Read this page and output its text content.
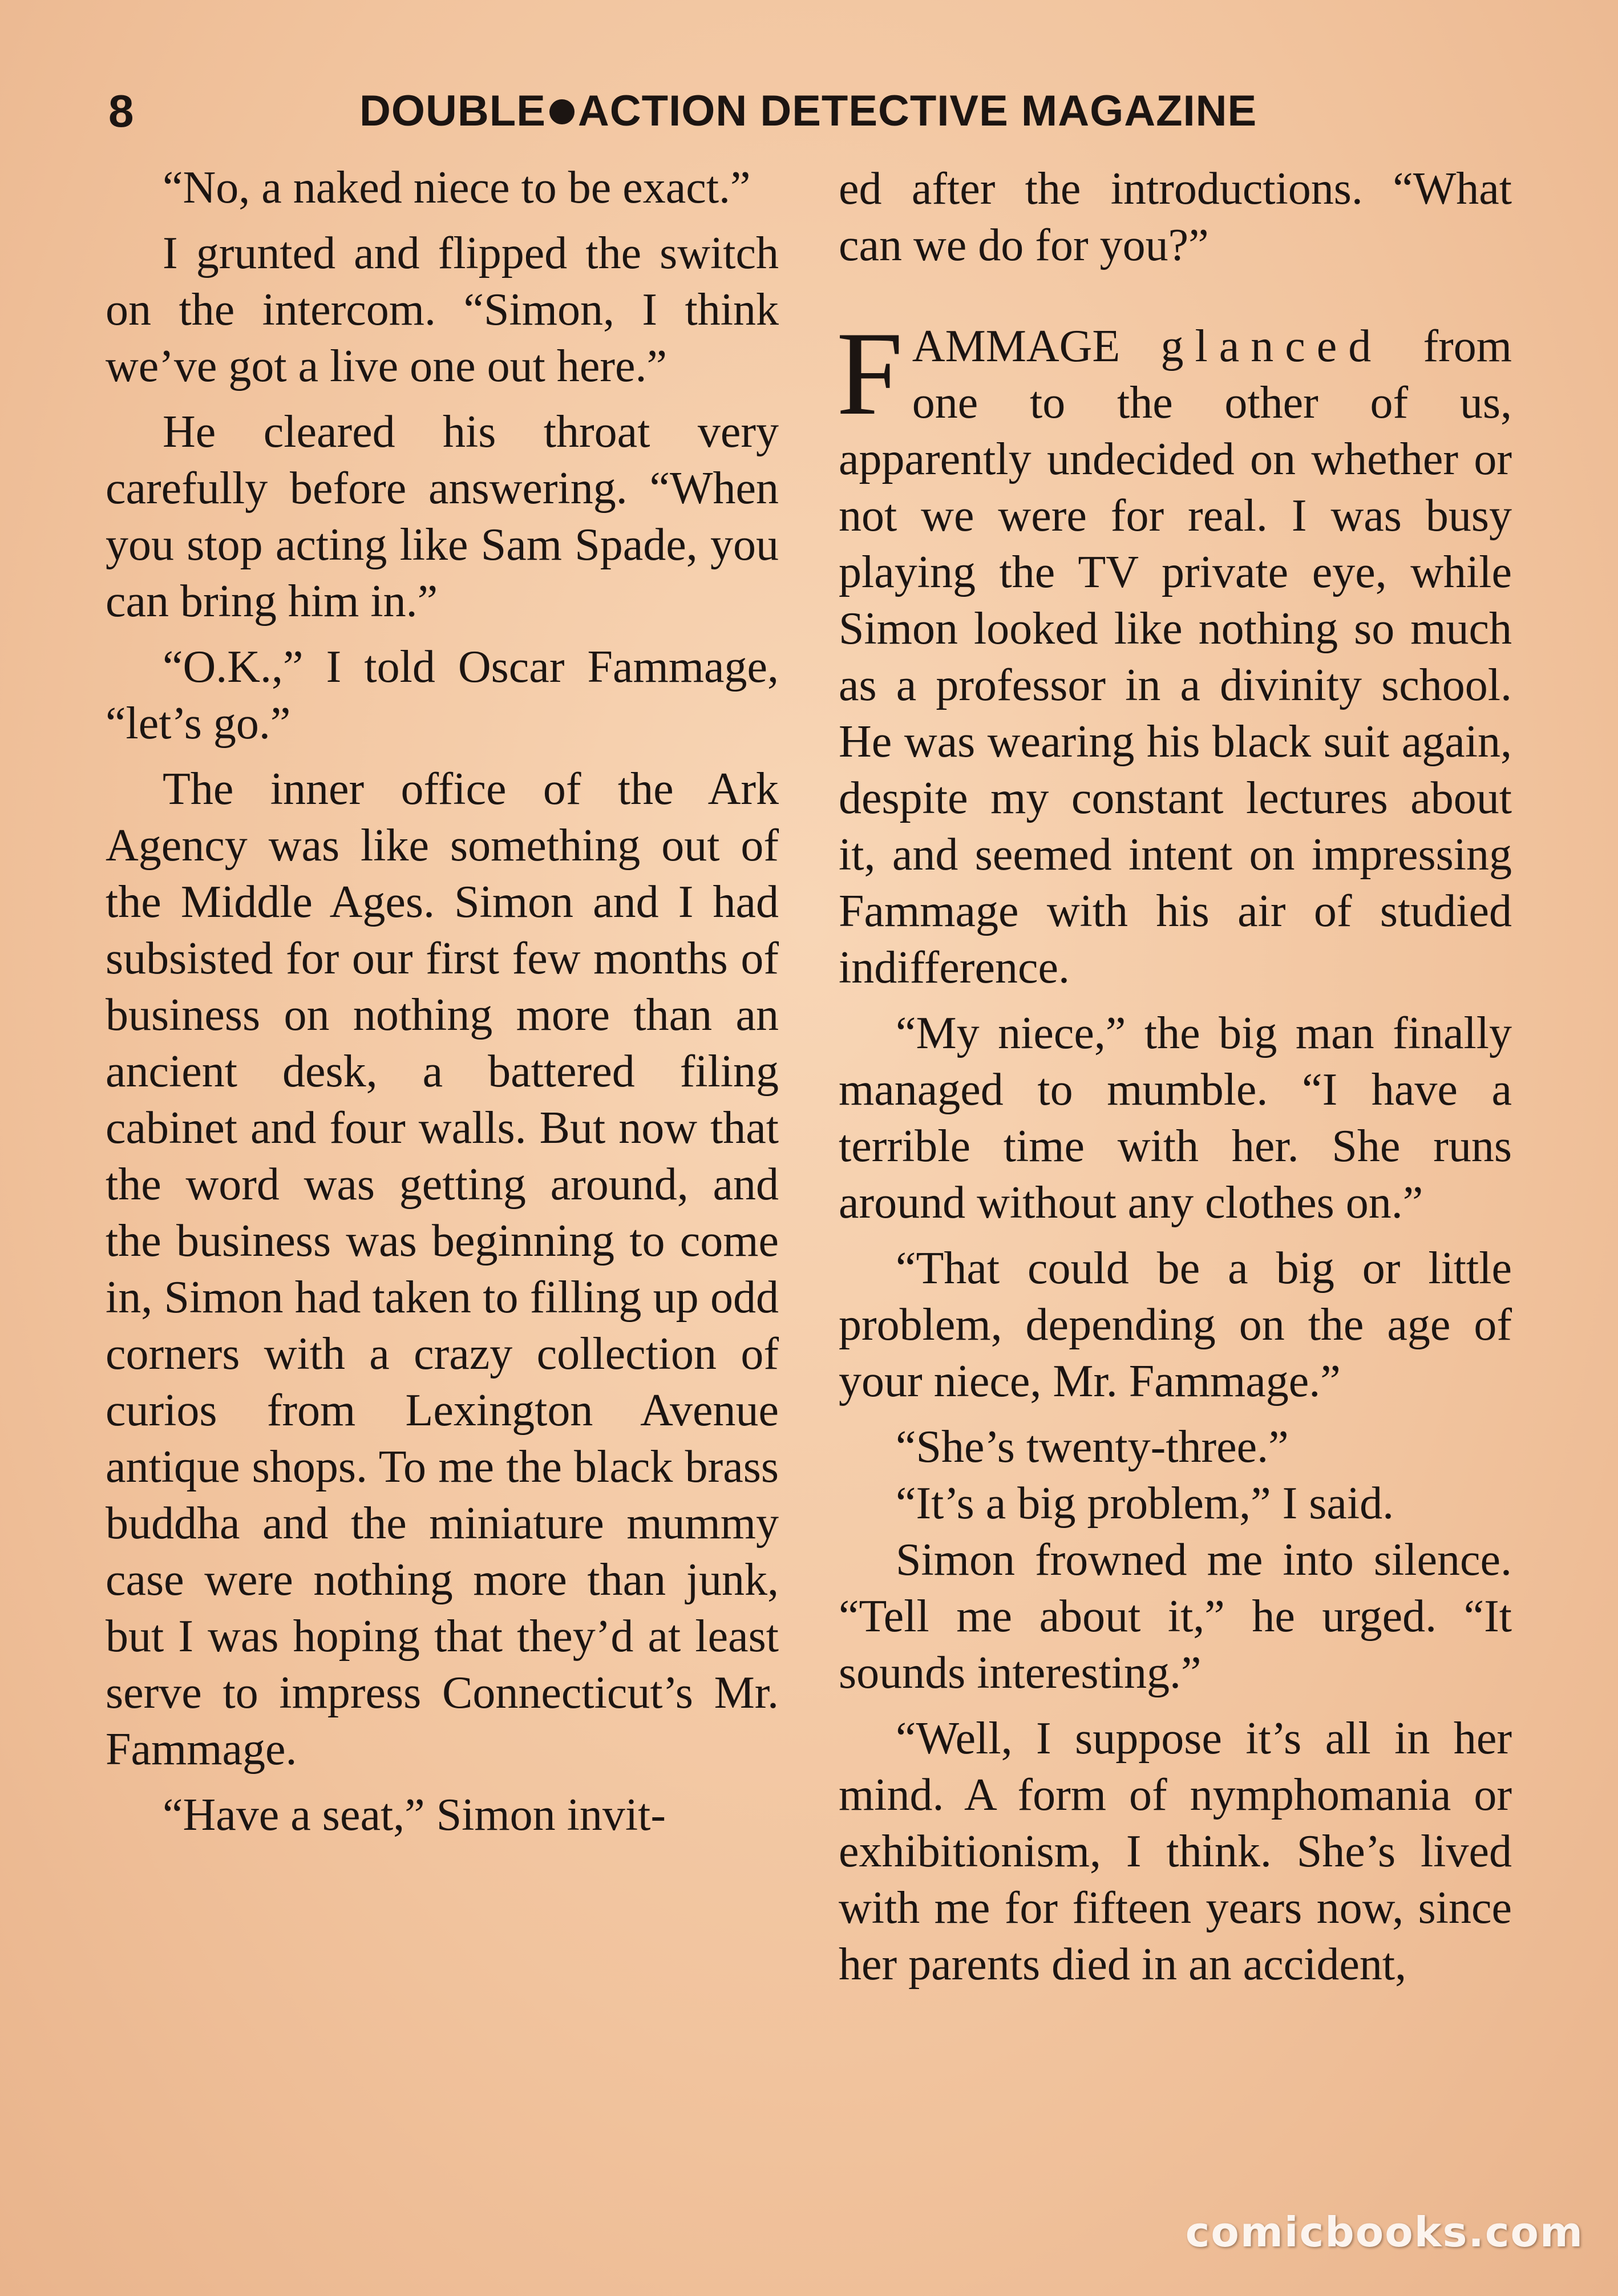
8	DOUBLE ACTION DETECTIVE MAGAZINE

“No, a naked niece to be exact.”

I grunted and flipped the switch on the intercom. “Simon, I think we’ve got a live one out here.”

He cleared his throat very carefully before answering. “When you stop acting like Sam Spade, you can bring him in.”

“O.K.,” I told Oscar Fammage, “let’s go.”

The inner office of the Ark Agency was like something out of the Middle Ages. Simon and I had subsisted for our first few months of business on nothing more than an ancient desk, a battered filing cabinet and four walls. But now that the word was getting around, and the business was beginning to come in, Simon had taken to filling up odd corners with a crazy collection of curios from Lexington Avenue antique shops. To me the black brass buddha and the miniature mummy case were nothing more than junk, but I was hoping that they’d at least serve to impress Connecticut’s Mr. Fammage.

“Have a seat,” Simon invit-

ed after the introductions. “What can we do for you?”

FAMMAGE glanced from one to the other of us, apparently undecided on whether or not we were for real. I was busy playing the TV private eye, while Simon looked like nothing so much as a professor in a divinity school. He was wearing his black suit again, despite my constant lectures about it, and seemed intent on impressing Fammage with his air of studied indifference.

“My niece,” the big man finally managed to mumble. “I have a terrible time with her. She runs around without any clothes on.”

“That could be a big or little problem, depending on the age of your niece, Mr. Fammage.”

“She’s twenty-three.”

“It’s a big problem,” I said.

Simon frowned me into silence. “Tell me about it,” he urged. “It sounds interesting.”

“Well, I suppose it’s all in her mind. A form of nymphomania or exhibitionism, I think. She’s lived with me for fifteen years now, since her parents died in an accident,

comicbooks.com
